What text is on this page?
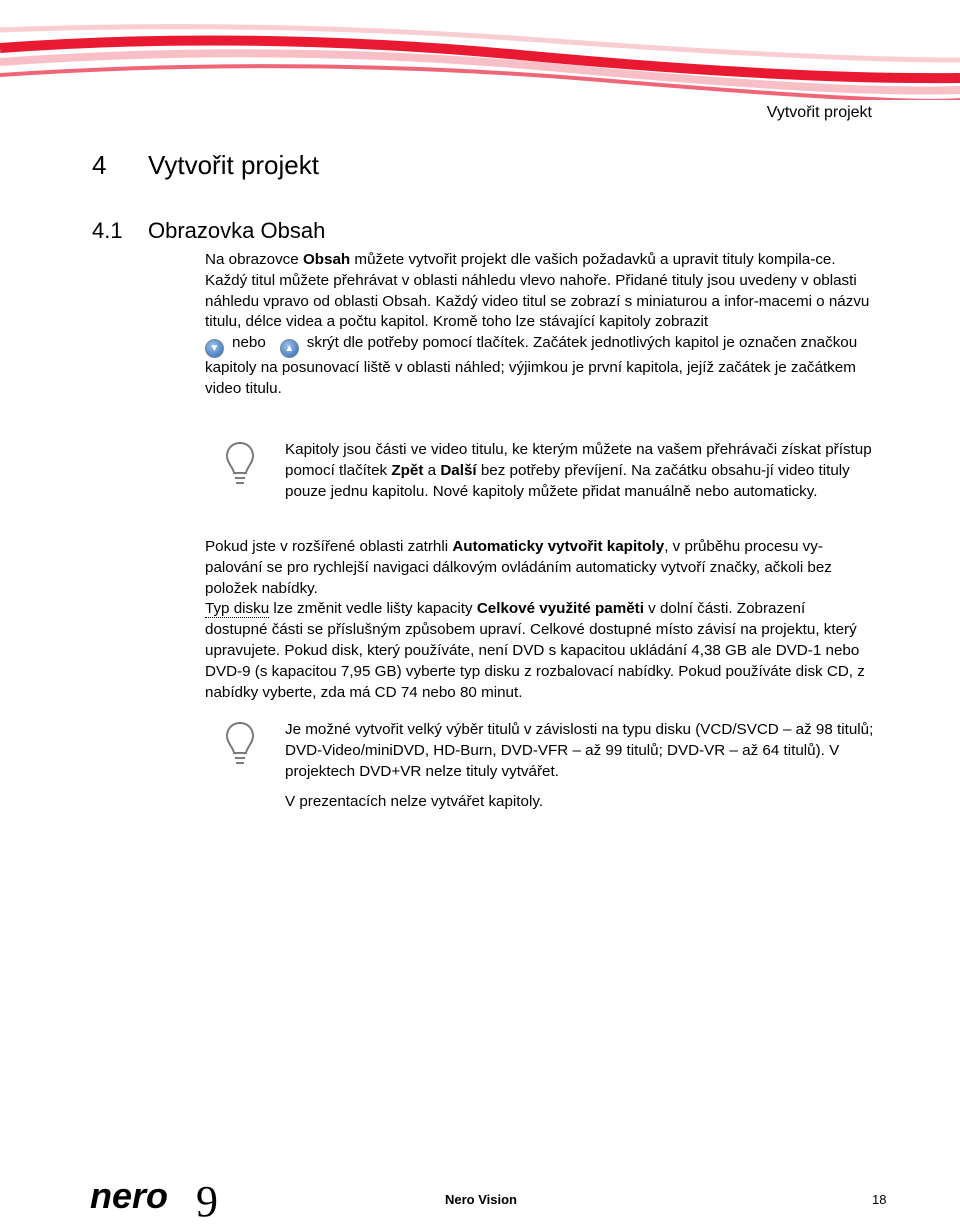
Vytvořit projekt
4 Vytvořit projekt
4.1 Obrazovka Obsah
Na obrazovce Obsah můžete vytvořit projekt dle vašich požadavků a upravit tituly kompila-ce.
Každý titul můžete přehrávat v oblasti náhledu vlevo nahoře. Přidané tituly jsou uvedeny v oblasti náhledu vpravo od oblasti Obsah. Každý video titul se zobrazí s miniaturou a infor-macemi o názvu titulu, délce videa a počtu kapitol. Kromě toho lze stávající kapitoly zobrazit
▼ nebo ▲ skrýt dle potřeby pomocí tlačítek. Začátek jednotlivých kapitol je označen značkou kapitoly na posunovací liště v oblasti náhled; výjimkou je první kapitola, jejíž začátek je začátkem video titulu.

Kapitoly jsou části ve video titulu, ke kterým můžete na vašem přehrávači získat přístup pomocí tlačítek Zpět a Další bez potřeby převíjení. Na začátku obsahu-jí video tituly pouze jednu kapitolu. Nové kapitoly můžete přidat manuálně nebo automaticky.

Pokud jste v rozšířené oblasti zatrhli Automaticky vytvořit kapitoly, v průběhu procesu vy-palování se pro rychlejší navigaci dálkovým ovládáním automaticky vytvoří značky, ačkoli bez položek nabídky.

Typ disku lze změnit vedle lišty kapacity Celkové využité paměti v dolní části. Zobrazení dostupné části se příslušným způsobem upraví. Celkové dostupné místo závisí na projektu, který upravujete. Pokud disk, který používáte, není DVD s kapacitou ukládání 4,38 GB ale DVD-1 nebo DVD-9 (s kapacitou 7,95 GB) vyberte typ disku z rozbalovací nabídky. Pokud používáte disk CD, z nabídky vyberte, zda má CD 74 nebo 80 minut.

Je možné vytvořit velký výběr titulů v závislosti na typu disku (VCD/SVCD – až 98 titulů; DVD-Video/miniDVD, HD-Burn, DVD-VFR – až 99 titulů; DVD-VR – až 64 titulů). V projektech DVD+VR nelze tituly vytvářet.

V prezentacích nelze vytvářet kapitoly.

nero 9	Nero Vision	18
